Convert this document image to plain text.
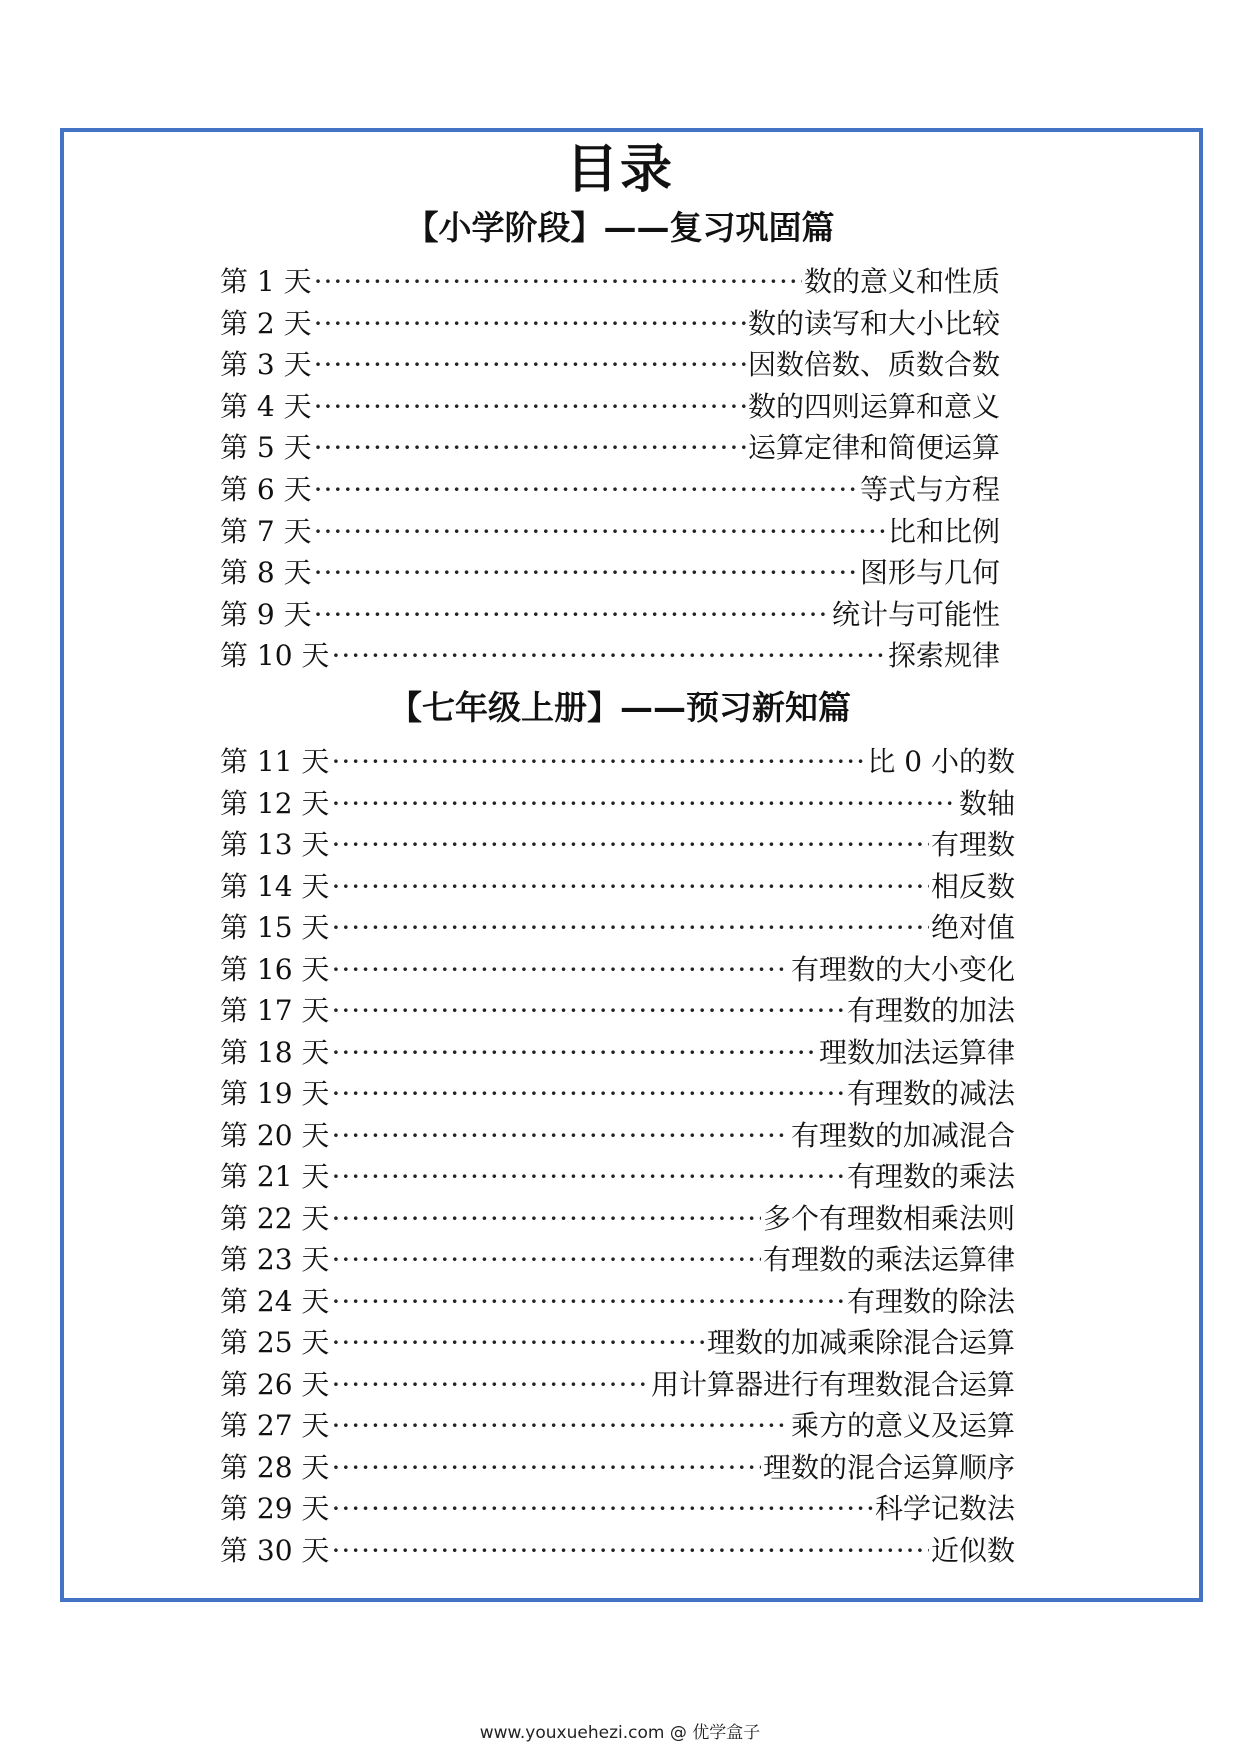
目录
【小学阶段】——复习巩固篇
【七年级上册】——预习新知篇
第 1 天 ·····	数的意义和性质
第 2 天 ·····	数的读写和大小比较
第 3 天 ·····	因数倍数、质数合数
第 4 天 ·····	数的四则运算和意义
第 5 天 ·····	运算定律和简便运算
第 6 天 ·····	等式与方程
第 7 天 ·····	比和比例
第 8 天 ·····	图形与几何
第 9 天 ·····	统计与可能性
第 10 天 ·····	探索规律
第 11 天 ·····	比 0 小的数
第 12 天 ·····	数轴
第 13 天 ·····	有理数
第 14 天 ·····	相反数
第 15 天 ·····	绝对值
第 16 天 ·····	有理数的大小变化
第 17 天 ·····	有理数的加法
第 18 天 ·····	理数加法运算律
第 19 天 ·····	有理数的减法
第 20 天 ·····	有理数的加减混合
第 21 天 ·····	有理数的乘法
第 22 天 ·····	多个有理数相乘法则
第 23 天 ·····	有理数的乘法运算律
第 24 天 ·····	有理数的除法
第 25 天 ·····	理数的加减乘除混合运算
第 26 天 ·····	用计算器进行有理数混合运算
第 27 天 ·····	乘方的意义及运算
第 28 天 ·····	理数的混合运算顺序
第 29 天 ·····	科学记数法
第 30 天 ·····	近似数
www.youxuehezi.com @ 优学盒子
